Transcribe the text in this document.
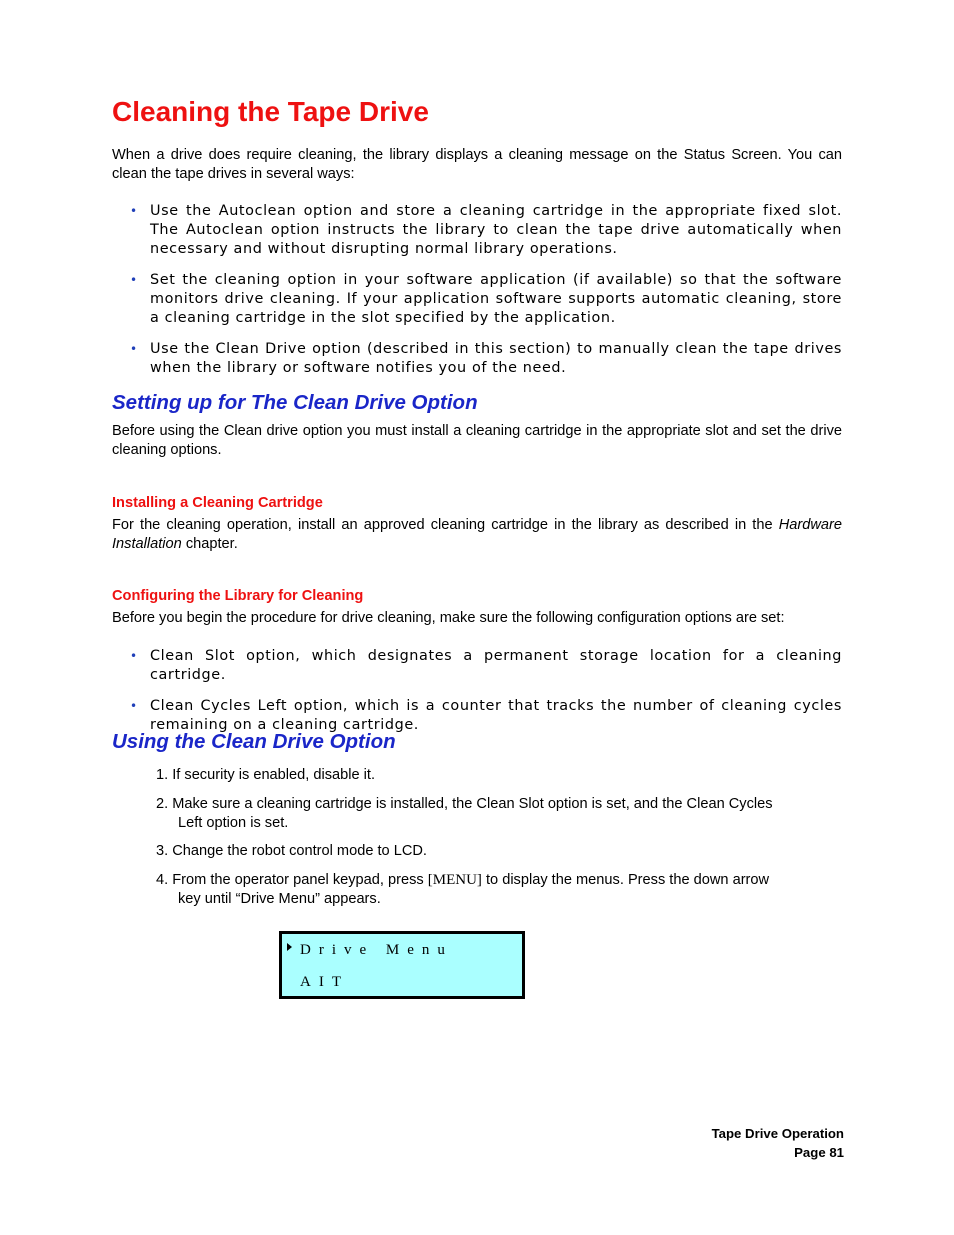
Cleaning the Tape Drive

When a drive does require cleaning, the library displays a cleaning message on the Status Screen. You can clean the tape drives in several ways:

• Use the Autoclean option and store a cleaning cartridge in the appropriate fixed slot. The Autoclean option instructs the library to clean the tape drive automatically when necessary and without disrupting normal library operations.
• Set the cleaning option in your software application (if available) so that the software monitors drive cleaning. If your application software supports automatic cleaning, store a cleaning cartridge in the slot specified by the application.
• Use the Clean Drive option (described in this section) to manually clean the tape drives when the library or software notifies you of the need.
Setting up for The Clean Drive Option

Before using the Clean drive option you must install a cleaning cartridge in the appropriate slot and set the drive cleaning options.

Installing a Cleaning Cartridge

For the cleaning operation, install an approved cleaning cartridge in the library as described in the Hardware Installation chapter.

Configuring the Library for Cleaning

Before you begin the procedure for drive cleaning, make sure the following configuration options are set:

• Clean Slot option, which designates a permanent storage location for a cleaning cartridge.
• Clean Cycles Left option, which is a counter that tracks the number of cleaning cycles remaining on a cleaning cartridge.
Using the Clean Drive Option
1. If security is enabled, disable it.
2. Make sure a cleaning cartridge is installed, the Clean Slot option is set, and the Clean Cycles
Left option is set.
3. Change the robot control mode to LCD.
4. From the operator panel keypad, press [MENU] to display the menus. Press the down arrow
key until “Drive Menu” appears.
Tape Drive Operation
Page 81
Drive Menu
AIT
